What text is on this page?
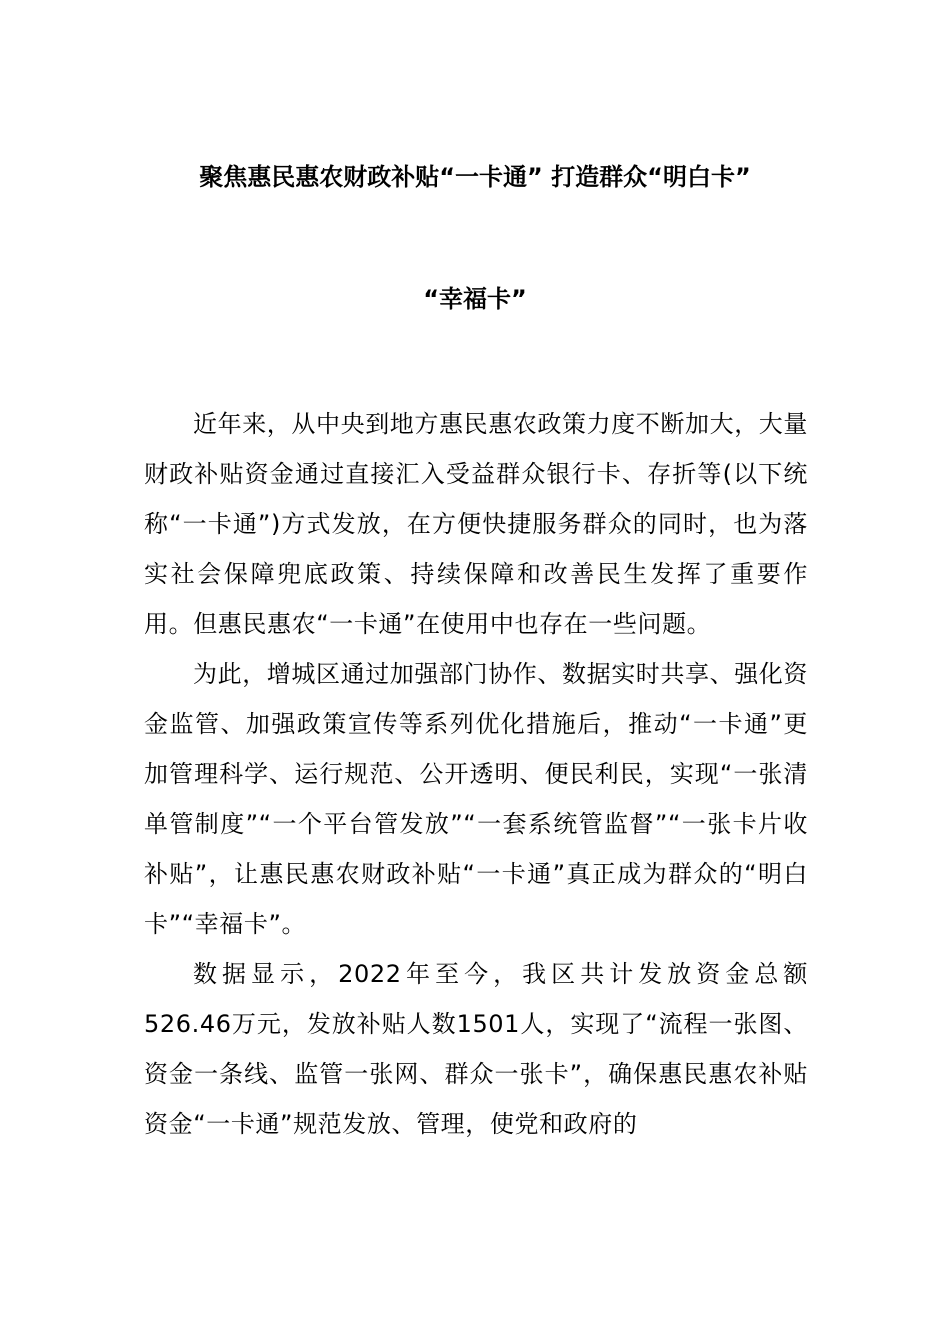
聚焦惠民惠农财政补贴“一卡通” 打造群众“明白卡”
“幸福卡”

近年来，从中央到地方惠民惠农政策力度不断加大，大量财政补贴资金通过直接汇入受益群众银行卡、存折等(以下统称“一卡通”)方式发放，在方便快捷服务群众的同时，也为落实社会保障兜底政策、持续保障和改善民生发挥了重要作用。但惠民惠农“一卡通”在使用中也存在一些问题。

为此，增城区通过加强部门协作、数据实时共享、强化资金监管、加强政策宣传等系列优化措施后，推动“一卡通”更加管理科学、运行规范、公开透明、便民利民，实现“一张清单管制度”“一个平台管发放”“一套系统管监督”“一张卡片收补贴”，让惠民惠农财政补贴“一卡通”真正成为群众的“明白卡”“幸福卡”。

数据显示，2022年至今，我区共计发放资金总额526.46万元，发放补贴人数1501人，实现了“流程一张图、资金一条线、监管一张网、群众一张卡”，确保惠民惠农补贴资金“一卡通”规范发放、管理，使党和政府的
